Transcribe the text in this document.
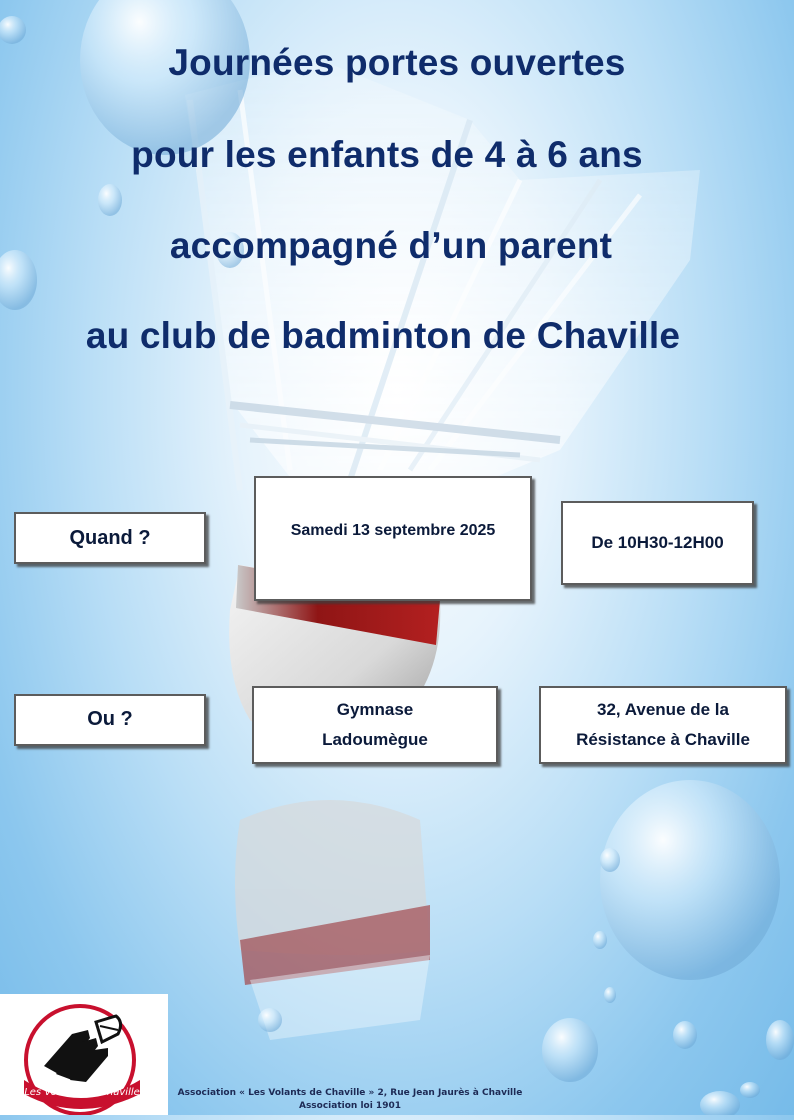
Journées portes ouvertes
pour les enfants de 4 à 6 ans
accompagné d’un parent
au club de badminton de Chaville
Quand ?	Samedi 13 septembre 2025
De 10H30-12H00
Ou ?	Gymnase
Ladoumègue
32, Avenue de la
Résistance à Chaville
Les Volants de Chaville	Association « Les Volants de Chaville » 2, Rue Jean Jaurès à Chaville
Association loi 1901
